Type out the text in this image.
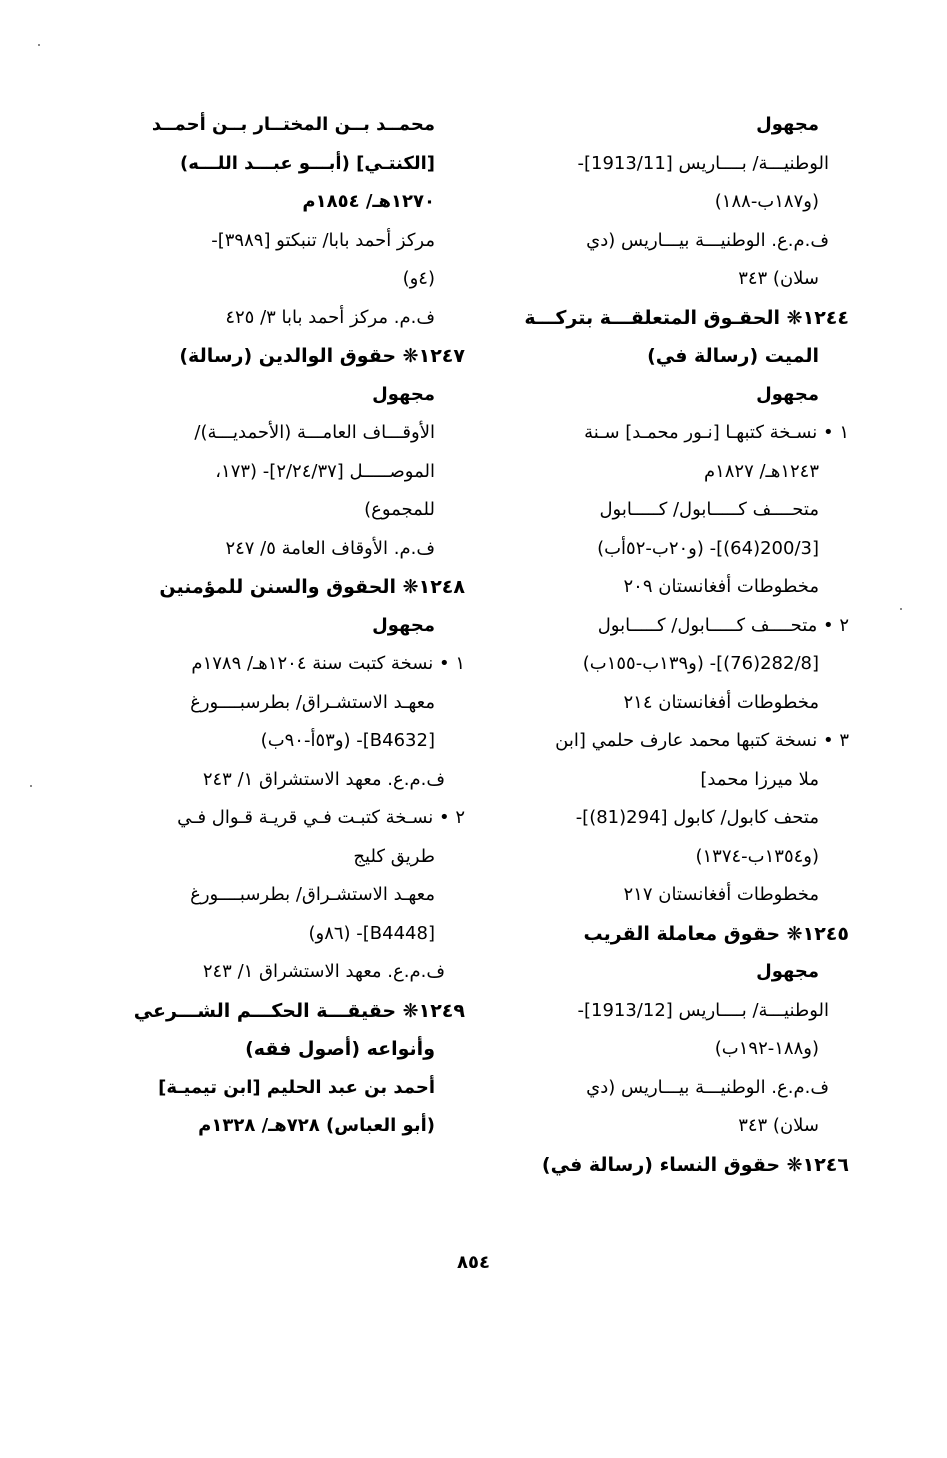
مجهول
الوطنيـــة/ بــــاريس [1913/11]-
(و١٨٧ب-١٨٨)
ف.م.ع. الوطنيـــة بيـــاريس (دي
سلان) ٣٤٣
١٢٤٤❋ الحقـوق المتعلقـــة بتركـــة
الميت (رسالة في)
مجهول
١ • نسـخة كتبهـا [نـور محمـد] سـنة
١٢٤٣هـ/ ١٨٢٧م
متحــــف كـــــابول/ كـــــابول
[200/3(64)]- (و٢٠ب-٥٢أب)
مخطوطات أفغانستان ٢٠٩
٢ • متحــــف كـــــابول/ كـــــابول
[282/8(76)]- (و١٣٩ب-١٥٥ب)
مخطوطات أفغانستان ٢١٤
٣ • نسخة كتبها محمد عارف حلمي [ابن
ملا ميرزا محمد]
متحف كابول/ كابول [294(81)]-
(و١٣٥٤ب-١٣٧٤)
مخطوطات أفغانستان ٢١٧
١٢٤٥❋ حقوق معاملة القريب
مجهول
الوطنيـــة/ بــــاريس [1913/12]-
(و١٨٨-١٩٢ب)
ف.م.ع. الوطنيـــة بيـــاريس (دي
سلان) ٣٤٣
١٢٤٦❋ حقوق النساء (رسالة في)
محمــد بــن المختــار بــن أحمــد
[الكنتـي] (أبـــو عبـــد اللـــه)
١٢٧٠هـ/ ١٨٥٤م
مركز أحمد بابا/ تنبكتو [٣٩٨٩]-
(٤و)
ف.م. مركز أحمد بابا ٣/ ٤٢٥
١٢٤٧❋ حقوق الوالدين (رسالة)
مجهول
الأوقـــاف العامـــة (الأحمديـــة)/
الموصـــــل [٢/٢٤/٣٧]- (١٧٣،
للمجموع)
ف.م. الأوقاف العامة ٥/ ٢٤٧
١٢٤٨❋ الحقوق والسنن للمؤمنين
مجهول
١ • نسخة كتبت سنة ١٢٠٤هـ/ ١٧٨٩م
معهـد الاستشـراق/ بطرسبــــورغ
[B4632]- (و٥٣أ-٩٠ب)
ف.م.ع. معهد الاستشراق ١/ ٢٤٣
٢ • نسـخة كتبـت فـي قريـة قـوال فـي
طريق كليج
معهـد الاستشـراق/ بطرسبــــورغ
[B4448]- (٨٦و)
ف.م.ع. معهد الاستشراق ١/ ٢٤٣
١٢٤٩❋ حقيقـــة الحكـــم الشـــرعي
وأنواعه (أصول فقه)
أحمد بن عبد الحليم [ابن تيميـة]
(أبو العباس) ٧٢٨هـ/ ١٣٢٨م
٨٥٤
